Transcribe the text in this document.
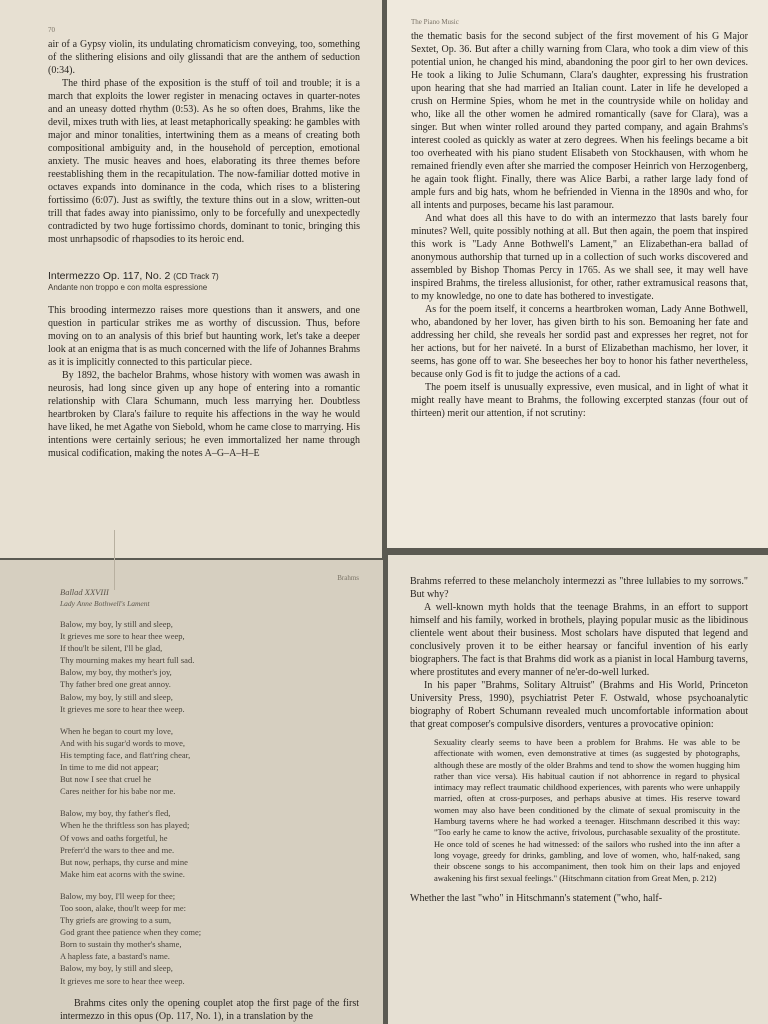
70

air of a Gypsy violin, its undulating chromaticism conveying, too, something of the slithering elisions and oily glissandi that are the anthem of seduction (0:34).

The third phase of the exposition is the stuff of toil and trouble; it is a march that exploits the lower register in menacing octaves in quarter-notes and an uneasy dotted rhythm (0:53). As he so often does, Brahms, like the devil, mixes truth with lies, at least metaphorically speaking: he gambles with major and minor tonalities, intertwining them as a means of creating both compositional ambiguity and, in the household of perception, emotional anxiety. The music heaves and hoes, elaborating its three themes before reestablishing them in the recapitulation. The now-familiar dotted motive in octaves expands into dominance in the coda, which rises to a blistering fortissimo (6:07). Just as swiftly, the texture thins out in a slow, written-out trill that fades away into pianissimo, only to be forcefully and unexpectedly contradicted by two huge fortissimo chords, dominant to tonic, bringing this most unrhapsodic of rhapsodies to its heroic end.

Intermezzo Op. 117, No. 2 (CD Track 7)
Andante non troppo e con molta espressione

This brooding intermezzo raises more questions than it answers, and one question in particular strikes me as worthy of discussion. Thus, before moving on to an analysis of this brief but haunting work, let's take a deeper look at an enigma that is as much concerned with the life of Johannes Brahms as it is implicitly connected to this particular piece.

By 1892, the bachelor Brahms, whose history with women was awash in neurosis, had long since given up any hope of entering into a romantic relationship with Clara Schumann, much less marrying her. Doubtless heartbroken by Clara's failure to requite his affections in the way he would have liked, he met Agathe von Siebold, whom he came close to marrying. His intentions were certainly serious; he even immortalized her name through musical codification, making the notes A–G–A–H–E

The Piano Music

the thematic basis for the second subject of the first movement of his G Major Sextet, Op. 36. But after a chilly warning from Clara, who took a dim view of this potential union, he changed his mind, abandoning the poor girl to her own devices. He took a liking to Julie Schumann, Clara's daughter, expressing his frustration upon hearing that she had married an Italian count. Later in life he developed a crush on Hermine Spies, whom he met in the countryside while on holiday and who, like all the other women he admired romantically (save for Clara), was a singer. But when winter rolled around they parted company, and again Brahms's interest cooled as quickly as water at zero degrees. When his feelings became a bit too overheated with his piano student Elisabeth von Stockhausen, with whom he remained friendly even after she married the composer Heinrich von Herzogenberg, he again took flight. Finally, there was Alice Barbi, a rather large lady fond of ample furs and big hats, whom he befriended in Vienna in the 1890s and who, for all intents and purposes, became his last paramour.

And what does all this have to do with an intermezzo that lasts barely four minutes? Well, quite possibly nothing at all. But then again, the poem that inspired this work is "Lady Anne Bothwell's Lament," an Elizabethan-era ballad of anonymous authorship that turned up in a collection of such works discovered and assembled by Bishop Thomas Percy in 1765. As we shall see, it may well have inspired Brahms, the tireless allusionist, for other, rather extramusical reasons that, to my knowledge, no one to date has bothered to investigate.

As for the poem itself, it concerns a heartbroken woman, Lady Anne Bothwell, who, abandoned by her lover, has given birth to his son. Bemoaning her fate and addressing her child, she reveals her sordid past and expresses her regret, not for her actions, but for her naiveté. In a burst of Elizabethan machismo, her lover, it seems, has gone off to war. She beseeches her boy to honor his father nevertheless, because only God is fit to judge the actions of a cad.

The poem itself is unusually expressive, even musical, and in light of what it might really have meant to Brahms, the following excerpted stanzas (four out of thirteen) merit our attention, if not scrutiny:

Brahms
Ballad XXVIII
Lady Anne Bothwell's Lament
Balow, my boy, ly still and sleep,
It grieves me sore to hear thee weep,
If thou'lt be silent, I'll be glad,
Thy mourning makes my heart full sad.
Balow, my boy, thy mother's joy,
Thy father bred one great annoy.
Balow, my boy, ly still and sleep,
It grieves me sore to hear thee weep.
When he began to court my love,
And with his sugar'd words to move,
His tempting face, and flatt'ring chear,
In time to me did not appear;
But now I see that cruel he
Cares neither for his babe nor me.
Balow, my boy, thy father's fled,
When he the thriftless son has played;
Of vows and oaths forgetful, he
Preferr'd the wars to thee and me.
But now, perhaps, thy curse and mine
Make him eat acorns with the swine.
Balow, my boy, I'll weep for thee;
Too soon, alake, thou'lt weep for me:
Thy griefs are growing to a sum,
God grant thee patience when they come;
Born to sustain thy mother's shame,
A hapless fate, a bastard's name.
Balow, my boy, ly still and sleep,
It grieves me sore to hear thee weep.

Brahms cites only the opening couplet atop the first page of the first intermezzo in this opus (Op. 117, No. 1), in a translation by the

Brahms referred to these melancholy intermezzi as "three lullabies to my sorrows." But why?

A well-known myth holds that the teenage Brahms, in an effort to support himself and his family, worked in brothels, playing popular music as the libidinous clientele went about their business. Most scholars have disputed that legend and conclusively proven it to be either hearsay or fanciful invention of his early biographers. The fact is that Brahms did work as a pianist in local Hamburg taverns, where prostitutes and every manner of ne'er-do-well lurked.

In his paper "Brahms, Solitary Altruist" (Brahms and His World, Princeton University Press, 1990), psychiatrist Peter F. Ostwald, whose psychoanalytic biography of Robert Schumann revealed much uncomfortable information about that great composer's compulsive disorders, ventures a provocative opinion:

Sexuality clearly seems to have been a problem for Brahms. He was able to be affectionate with women, even demonstrative at times (as suggested by photographs, although these are mostly of the older Brahms and tend to show the women hugging him rather than vice versa). His habitual caution if not abhorrence in regard to physical intimacy may reflect traumatic childhood experiences, with parents who were unhappily married, often at cross-purposes, and perhaps abusive at times. His reserve toward women may also have been conditioned by the climate of sexual promiscuity in the Hamburg taverns where he had worked a teenager. Hitschmann described it this way: "Too early he came to know the active, frivolous, purchasable sexuality of the prostitute. He once told of scenes he had witnessed: of the sailors who rushed into the inn after a long voyage, greedy for drinks, gambling, and love of women, who, half-naked, sang their obscene songs to his accompaniment, then took him on their laps and enjoyed awakening his first sexual feelings." (Hitschmann citation from Great Men, p. 212)

Whether the last "who" in Hitschmann's statement ("who, half-
